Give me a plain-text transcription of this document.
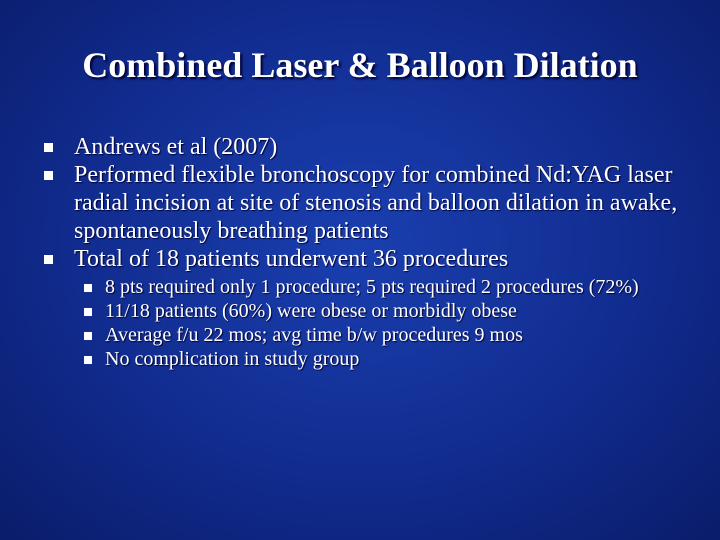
Combined Laser & Balloon Dilation
Andrews et al (2007)
Performed flexible bronchoscopy for combined Nd:YAG laser radial incision at site of stenosis and balloon dilation in awake, spontaneously breathing patients
Total of 18 patients underwent 36 procedures
8 pts required only 1 procedure; 5 pts required 2 procedures (72%)
11/18 patients (60%) were obese or morbidly obese
Average f/u 22 mos; avg time b/w procedures 9 mos
No complication in study group
